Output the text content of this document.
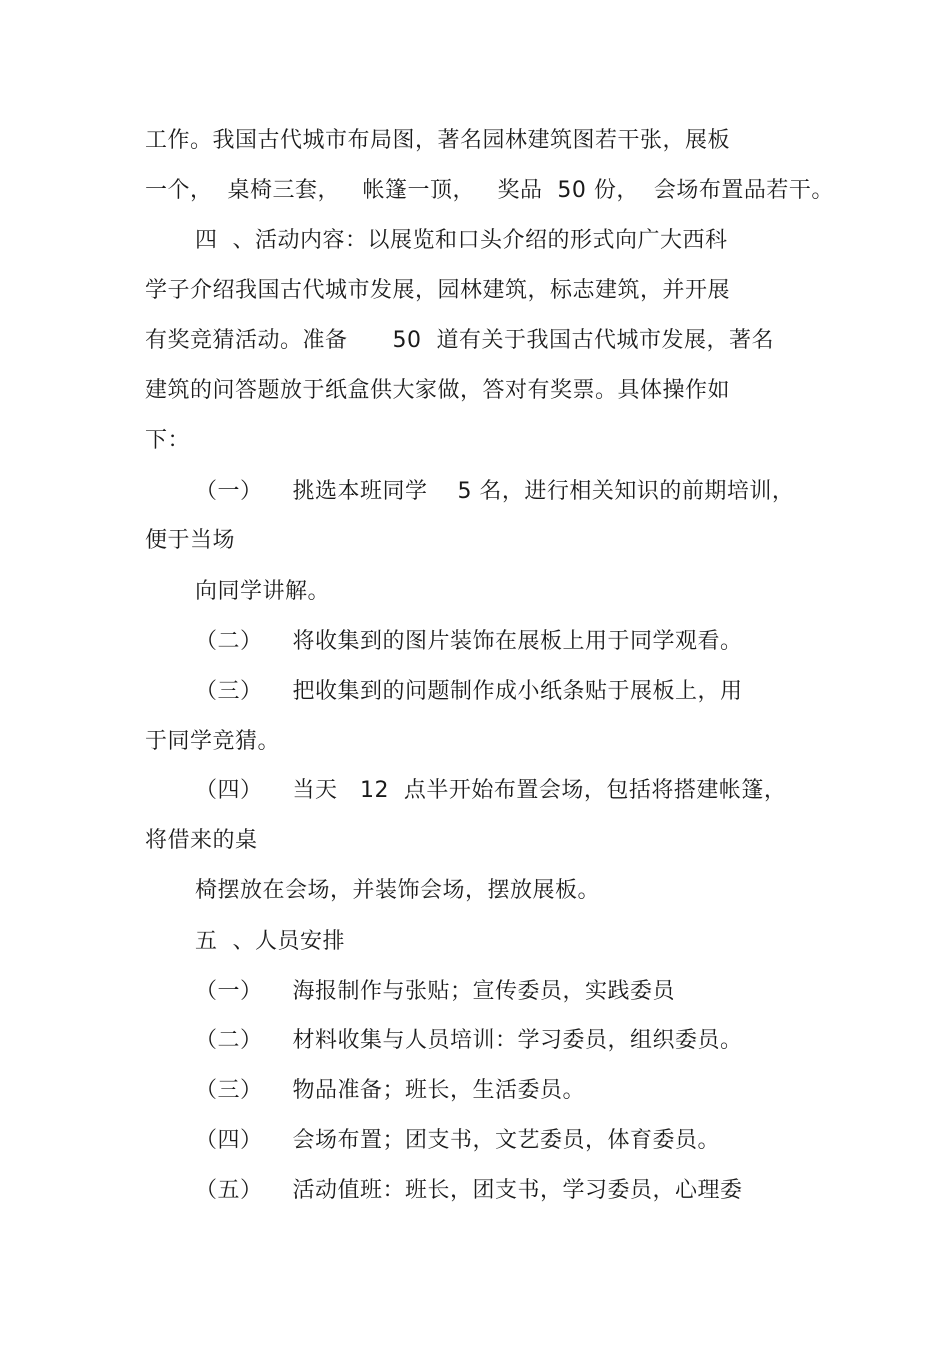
工作。我国古代城市布局图，著名园林建筑图若干张，展板
一个，  桌椅三套，   帐篷一顶，   奖品  50 份，  会场布置品若干。
四  、活动内容：以展览和口头介绍的形式向广大西科
学子介绍我国古代城市发展，园林建筑，标志建筑，并开展
有奖竞猜活动。准备      50  道有关于我国古代城市发展，著名
建筑的问答题放于纸盒供大家做，答对有奖票。具体操作如
下：
（一）    挑选本班同学    5 名，进行相关知识的前期培训，
便于当场
向同学讲解。
（二）    将收集到的图片装饰在展板上用于同学观看。
（三）    把收集到的问题制作成小纸条贴于展板上，用
于同学竞猜。
（四）    当天   12  点半开始布置会场，包括将搭建帐篷，
将借来的桌
椅摆放在会场，并装饰会场，摆放展板。
五  、人员安排
（一）    海报制作与张贴；宣传委员，实践委员
（二）    材料收集与人员培训：学习委员，组织委员。
（三）    物品准备；班长，生活委员。
（四）    会场布置；团支书，文艺委员，体育委员。
（五）    活动值班：班长，团支书，学习委员，心理委
